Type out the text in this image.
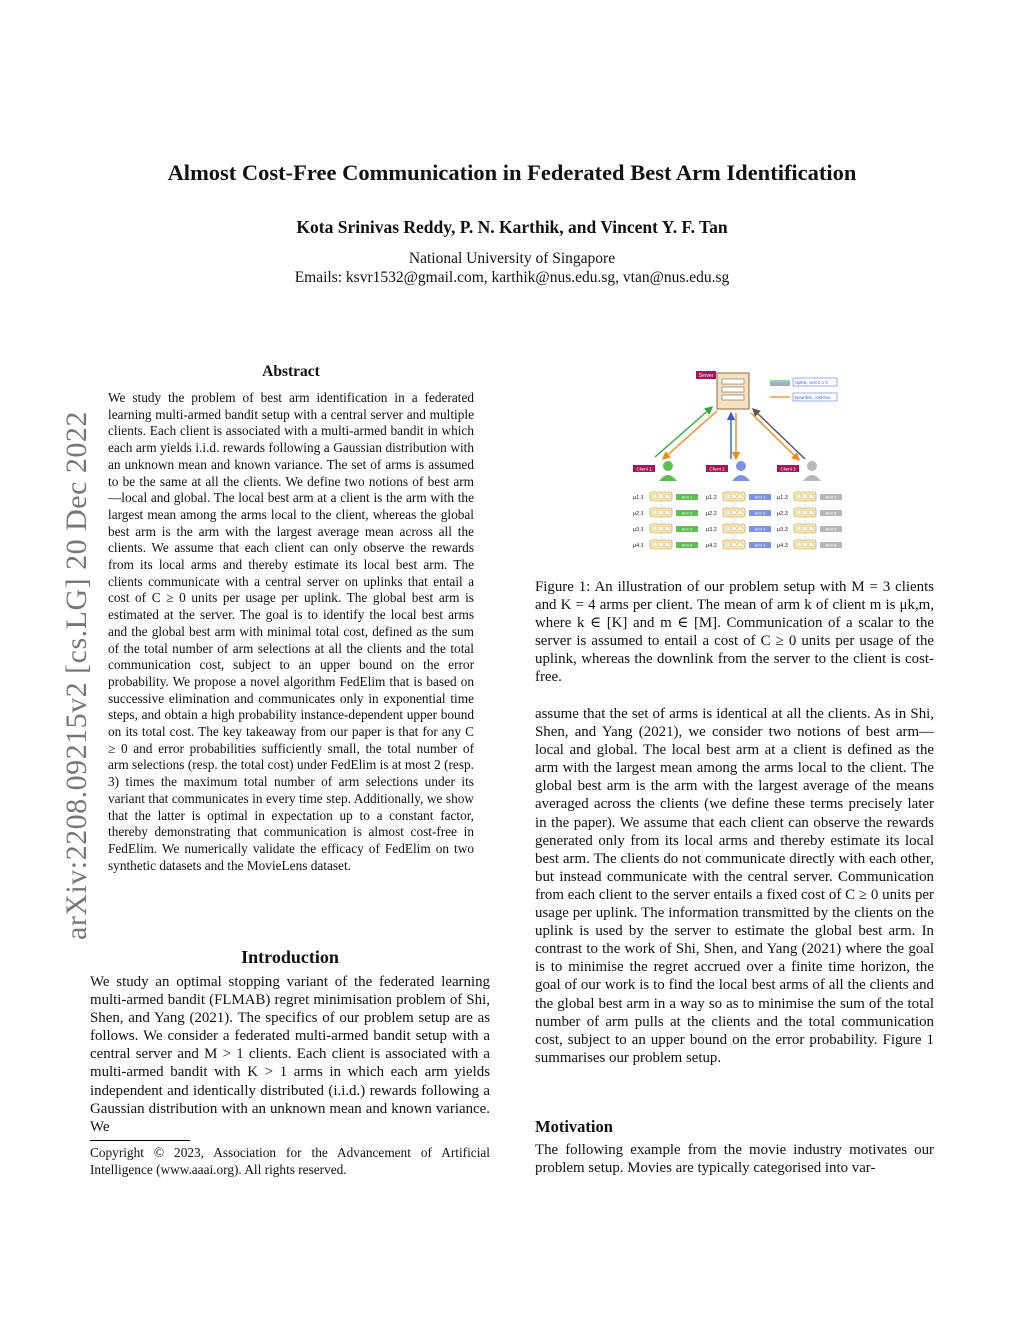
arXiv:2208.09215v2 [cs.LG] 20 Dec 2022
Almost Cost-Free Communication in Federated Best Arm Identification
Kota Srinivas Reddy, P. N. Karthik, and Vincent Y. F. Tan
National University of Singapore
Emails: ksvr1532@gmail.com, karthik@nus.edu.sg, vtan@nus.edu.sg
Abstract
We study the problem of best arm identification in a federated learning multi-armed bandit setup with a central server and multiple clients. Each client is associated with a multi-armed bandit in which each arm yields i.i.d. rewards following a Gaussian distribution with an unknown mean and known variance. The set of arms is assumed to be the same at all the clients. We define two notions of best arm—local and global. The local best arm at a client is the arm with the largest mean among the arms local to the client, whereas the global best arm is the arm with the largest average mean across all the clients. We assume that each client can only observe the rewards from its local arms and thereby estimate its local best arm. The clients communicate with a central server on uplinks that entail a cost of C ≥ 0 units per usage per uplink. The global best arm is estimated at the server. The goal is to identify the local best arms and the global best arm with minimal total cost, defined as the sum of the total number of arm selections at all the clients and the total communication cost, subject to an upper bound on the error probability. We propose a novel algorithm FedElim that is based on successive elimination and communicates only in exponential time steps, and obtain a high probability instance-dependent upper bound on its total cost. The key takeaway from our paper is that for any C ≥ 0 and error probabilities sufficiently small, the total number of arm selections (resp. the total cost) under FedElim is at most 2 (resp. 3) times the maximum total number of arm selections under its variant that communicates in every time step. Additionally, we show that the latter is optimal in expectation up to a constant factor, thereby demonstrating that communication is almost cost-free in FedElim. We numerically validate the efficacy of FedElim on two synthetic datasets and the MovieLens dataset.
Introduction
We study an optimal stopping variant of the federated learning multi-armed bandit (FLMAB) regret minimisation problem of Shi, Shen, and Yang (2021). The specifics of our problem setup are as follows. We consider a federated multi-armed bandit setup with a central server and M > 1 clients. Each client is associated with a multi-armed bandit with K > 1 arms in which each arm yields independent and identically distributed (i.i.d.) rewards following a Gaussian distribution with an unknown mean and known variance. We
Copyright © 2023, Association for the Advancement of Artificial Intelligence (www.aaai.org). All rights reserved.
Server
Uplink, cost C ≥ 0
Downlink, cost-free
Client 1
μ1,1	Arm 1
μ2,1	Arm 2
μ3,1	Arm 3
μ4,1	Arm 4
Client 2
μ1,2	Arm 1
μ2,2	Arm 2
μ3,2	Arm 3
μ4,2	Arm 4
Client 3
μ1,3	Arm 1
μ2,3	Arm 2
μ3,3	Arm 3
μ4,3	Arm 4
Figure 1: An illustration of our problem setup with M = 3 clients and K = 4 arms per client. The mean of arm k of client m is μk,m, where k ∈ [K] and m ∈ [M]. Communication of a scalar to the server is assumed to entail a cost of C ≥ 0 units per usage of the uplink, whereas the downlink from the server to the client is cost-free.
assume that the set of arms is identical at all the clients. As in Shi, Shen, and Yang (2021), we consider two notions of best arm—local and global. The local best arm at a client is defined as the arm with the largest mean among the arms local to the client. The global best arm is the arm with the largest average of the means averaged across the clients (we define these terms precisely later in the paper). We assume that each client can observe the rewards generated only from its local arms and thereby estimate its local best arm. The clients do not communicate directly with each other, but instead communicate with the central server. Communication from each client to the server entails a fixed cost of C ≥ 0 units per usage per uplink. The information transmitted by the clients on the uplink is used by the server to estimate the global best arm. In contrast to the work of Shi, Shen, and Yang (2021) where the goal is to minimise the regret accrued over a finite time horizon, the goal of our work is to find the local best arms of all the clients and the global best arm in a way so as to minimise the sum of the total number of arm pulls at the clients and the total communication cost, subject to an upper bound on the error probability. Figure 1 summarises our problem setup.
Motivation
The following example from the movie industry motivates our problem setup. Movies are typically categorised into var-
